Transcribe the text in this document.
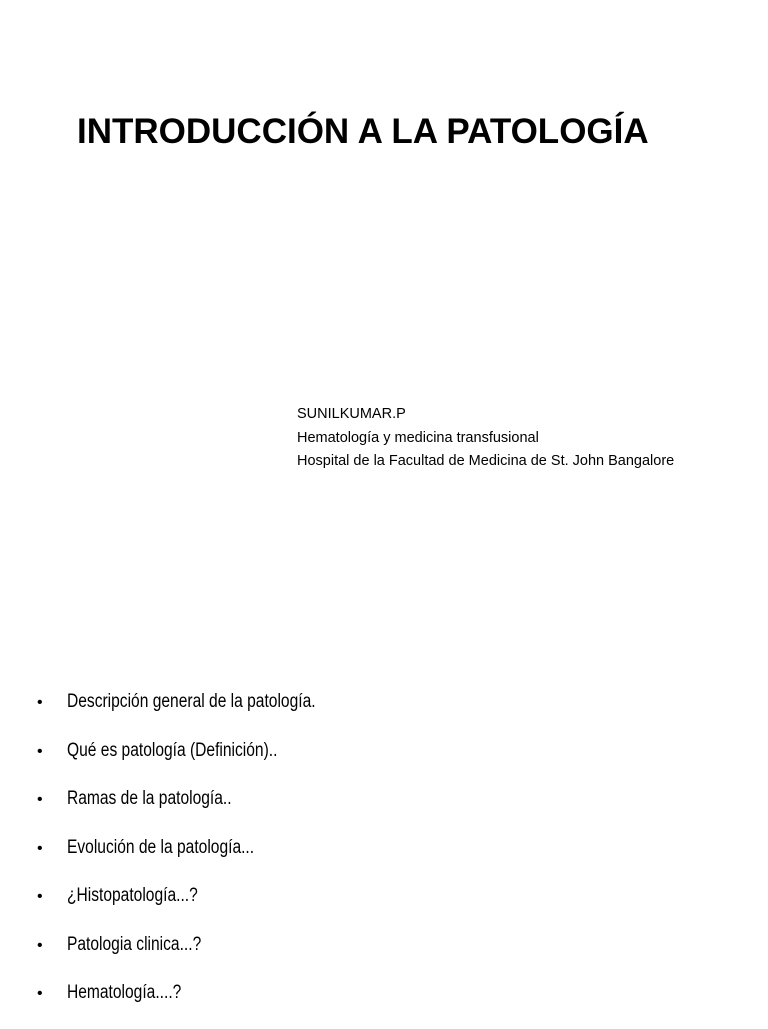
INTRODUCCIÓN A LA PATOLOGÍA
SUNILKUMAR.P
Hematología y medicina transfusional
Hospital de la Facultad de Medicina de St. John Bangalore
• Descripción general de la patología.
• Qué es patología (Definición)..
• Ramas de la patología..
• Evolución de la patología...
• ¿Histopatología...?
• Patologia clinica...?
• Hematología....?
